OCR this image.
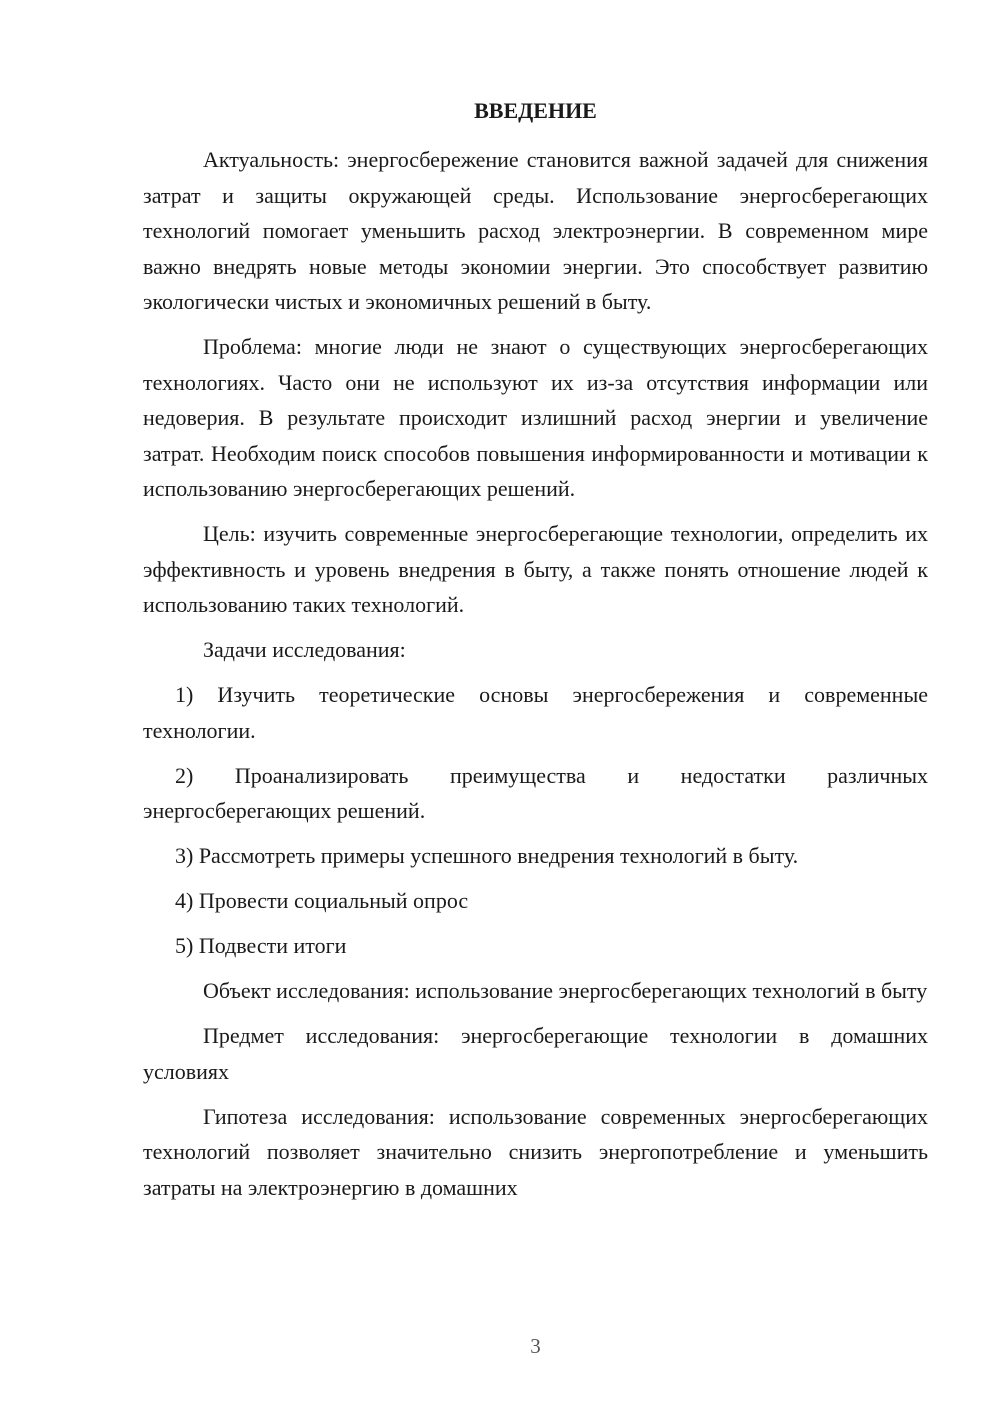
ВВЕДЕНИЕ

Актуальность: энергосбережение становится важной задачей для снижения затрат и защиты окружающей среды. Использование энергосберегающих технологий помогает уменьшить расход электроэнергии. В современном мире важно внедрять новые методы экономии энергии. Это способствует развитию экологически чистых и экономичных решений в быту.

Проблема: многие люди не знают о существующих энергосберегающих технологиях. Часто они не используют их из-за отсутствия информации или недоверия. В результате происходит излишний расход энергии и увеличение затрат. Необходим поиск способов повышения информированности и мотивации к использованию энергосберегающих решений.

Цель: изучить современные энергосберегающие технологии, определить их эффективность и уровень внедрения в быту, а также понять отношение людей к использованию таких технологий.

Задачи исследования:

1) Изучить теоретические основы энергосбережения и современные технологии.

2) Проанализировать преимущества и недостатки различных энергосберегающих решений.

3) Рассмотреть примеры успешного внедрения технологий в быту.

4) Провести социальный опрос

5) Подвести итоги

Объект исследования: использование энергосберегающих технологий в быту

Предмет исследования: энергосберегающие технологии в домашних условиях

Гипотеза исследования: использование современных энергосберегающих технологий позволяет значительно снизить энергопотребление и уменьшить затраты на электроэнергию в домашних

3
